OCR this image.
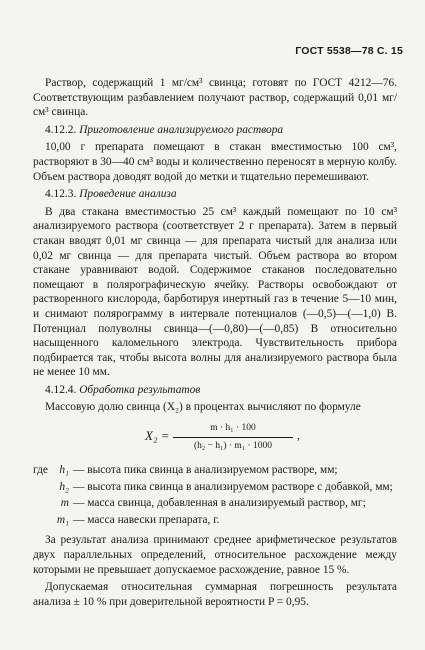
ГОСТ 5538—78 С. 15

Раствор, содержащий 1 мг/см³ свинца; готовят по ГОСТ 4212—76. Соответствующим разбавлением получают раствор, содержащий 0,01 мг/см³ свинца.

4.12.2. Приготовление анализируемого раствора

10,00 г препарата помещают в стакан вместимостью 100 см³, растворяют в 30—40 см³ воды и количественно переносят в мерную колбу. Объем раствора доводят водой до метки и тщательно перемешивают.

4.12.3. Проведение анализа

В два стакана вместимостью 25 см³ каждый помещают по 10 см³ анализируемого раствора (соответствует 2 г препарата). Затем в первый стакан вводят 0,01 мг свинца — для препарата чистый для анализа или 0,02 мг свинца — для препарата чистый. Объем раствора во втором стакане уравнивают водой. Содержимое стаканов последовательно помещают в полярографическую ячейку. Растворы освобождают от растворенного кислорода, барботируя инертный газ в течение 5—10 мин, и снимают полярограмму в интервале потенциалов (—0,5)—(—1,0) В. Потенциал полуволны свинца—(—0,80)—(—0,85) В относительно насыщенного каломельного электрода. Чувствительность прибора подбирается так, чтобы высота волны для анализируемого раствора была не менее 10 мм.

4.12.4. Обработка результатов

Массовую долю свинца (X₂) в процентах вычисляют по формуле

$X_2 = \frac{\text{m · h₁ · 100}}{\text{(h₂ − h₁) · m₁ · 1000}}$ ,
где h₁ — высота пика свинца в анализируемом растворе, мм;
h₂ — высота пика свинца в анализируемом растворе с добавкой, мм;
m — масса свинца, добавленная в анализируемый раствор, мг;
m₁ — масса навески препарата, г.

За результат анализа принимают среднее арифметическое результатов двух параллельных определений, относительное расхождение между которыми не превышает допускаемое расхождение, равное 15 %.

Допускаемая относительная суммарная погрешность результата анализа ± 10 % при доверительной вероятности P = 0,95.
